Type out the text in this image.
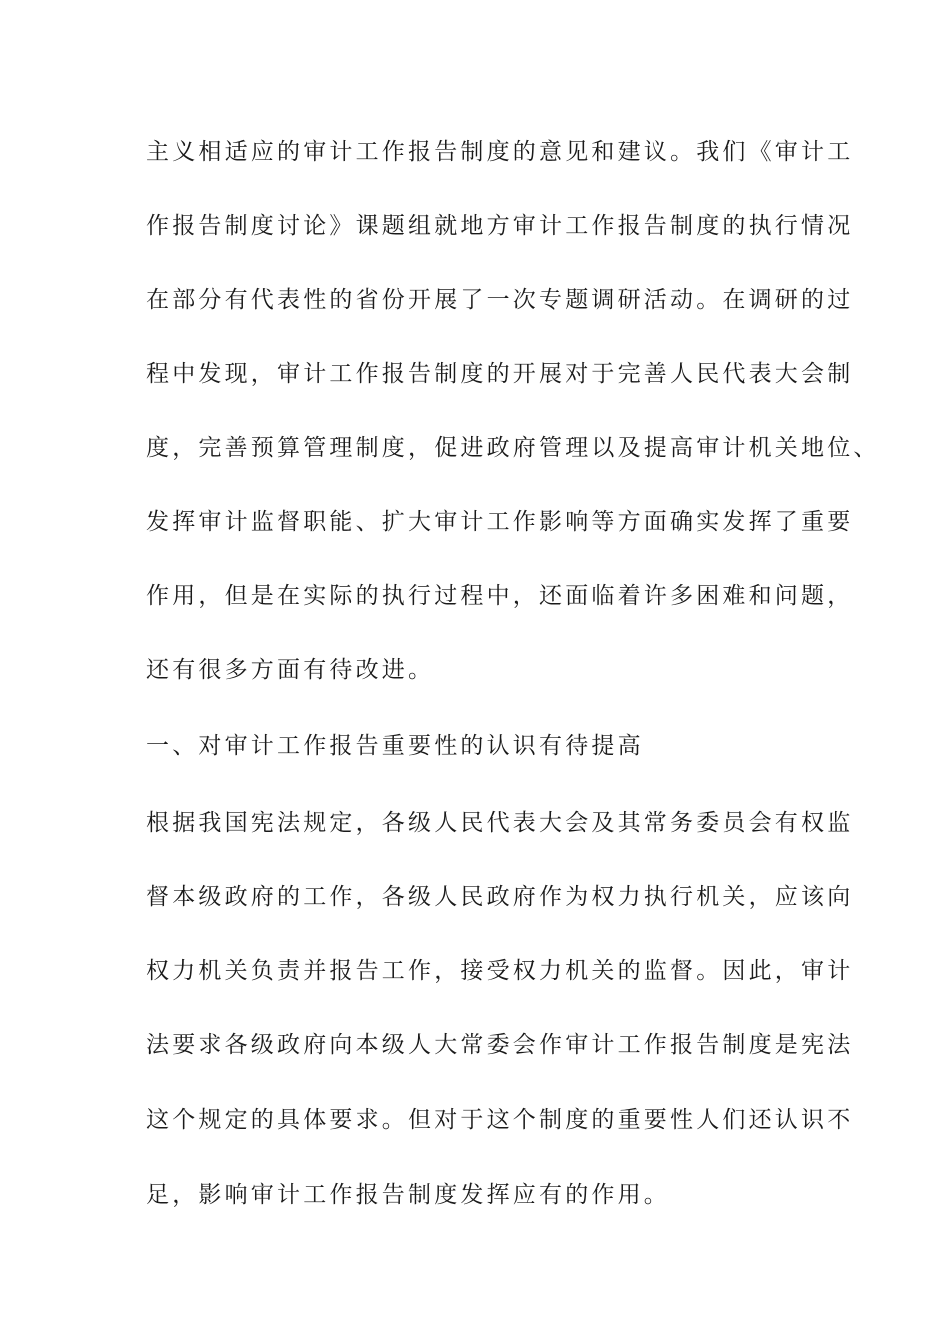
主义相适应的审计工作报告制度的意见和建议。我们《审计工
作报告制度讨论》课题组就地方审计工作报告制度的执行情况
在部分有代表性的省份开展了一次专题调研活动。在调研的过
程中发现，审计工作报告制度的开展对于完善人民代表大会制
度，完善预算管理制度，促进政府管理以及提高审计机关地位、
发挥审计监督职能、扩大审计工作影响等方面确实发挥了重要
作用，但是在实际的执行过程中，还面临着许多困难和问题，
还有很多方面有待改进。
一、对审计工作报告重要性的认识有待提高
根据我国宪法规定，各级人民代表大会及其常务委员会有权监
督本级政府的工作，各级人民政府作为权力执行机关，应该向
权力机关负责并报告工作，接受权力机关的监督。因此，审计
法要求各级政府向本级人大常委会作审计工作报告制度是宪法
这个规定的具体要求。但对于这个制度的重要性人们还认识不
足，影响审计工作报告制度发挥应有的作用。
